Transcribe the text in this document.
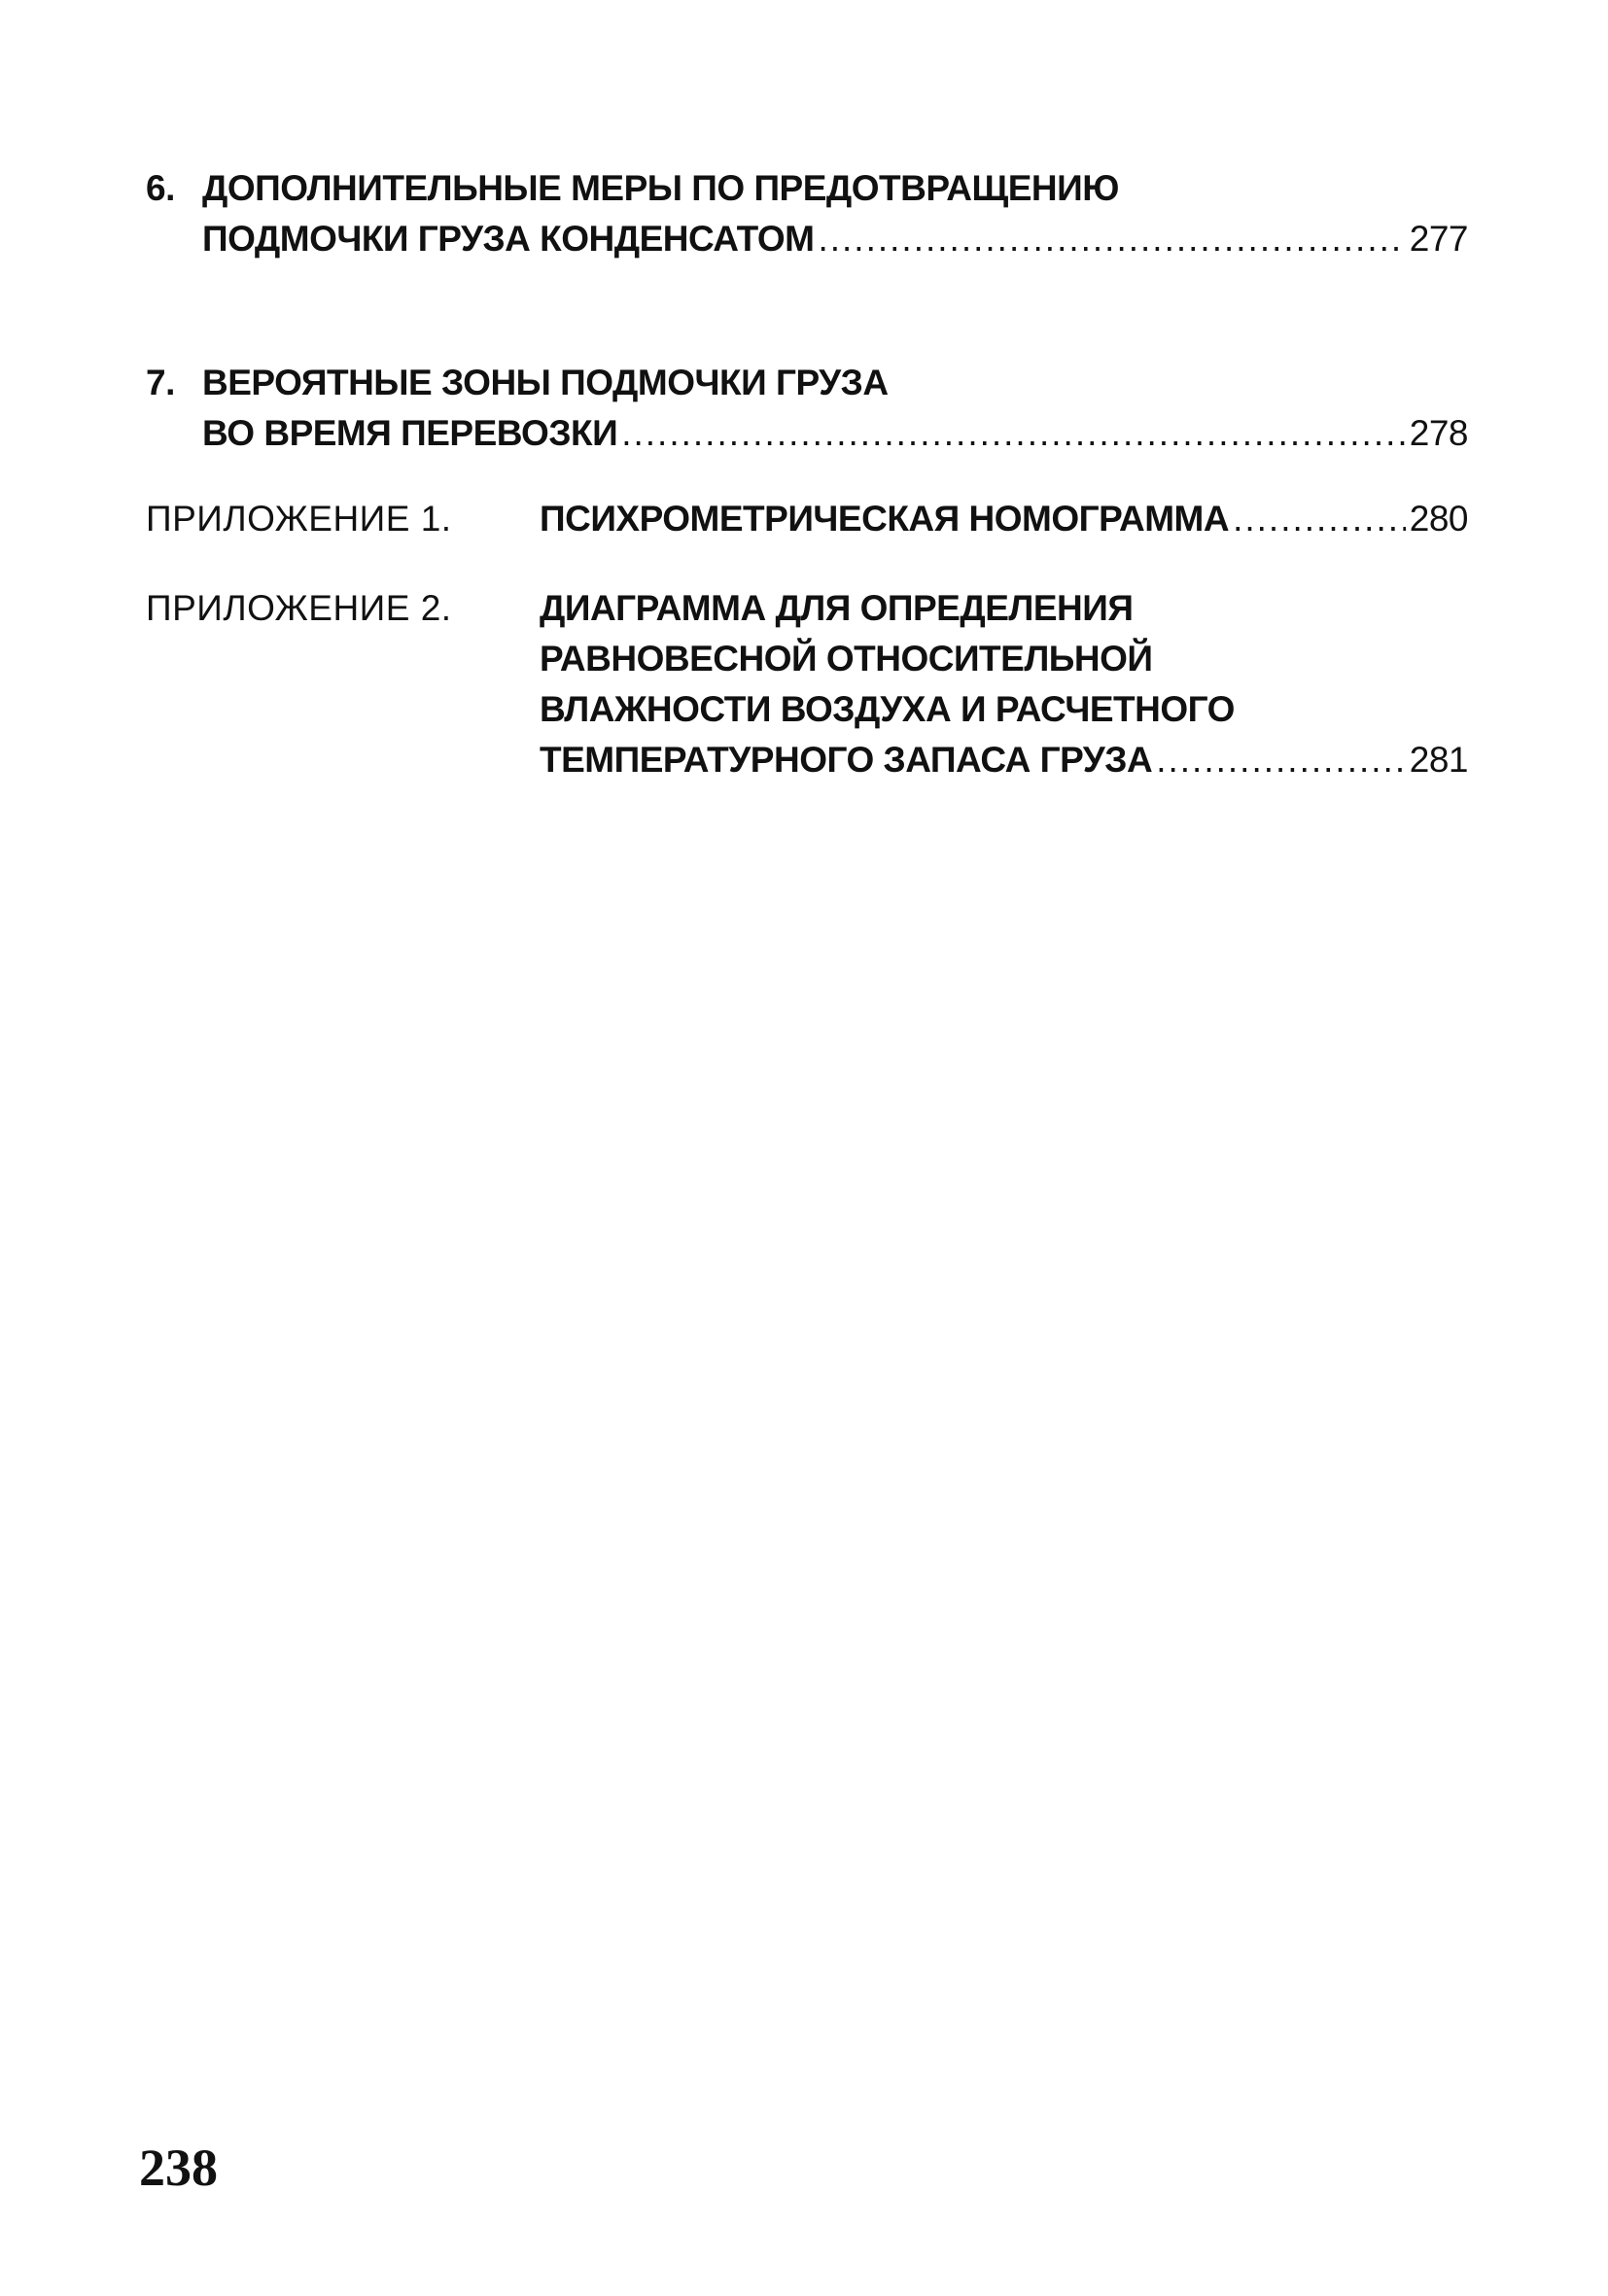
6. ДОПОЛНИТЕЛЬНЫЕ МЕРЫ ПО ПРЕДОТВРАЩЕНИЮ
ПОДМОЧКИ ГРУЗА КОНДЕНСАТОМ .....	277
7. ВЕРОЯТНЫЕ ЗОНЫ ПОДМОЧКИ ГРУЗА
ВО ВРЕМЯ ПЕРЕВОЗКИ .....	278
ПРИЛОЖЕНИЕ 1. ПСИХРОМЕТРИЧЕСКАЯ НОМОГРАММА .....	280
ПРИЛОЖЕНИЕ 2. ДИАГРАММА ДЛЯ ОПРЕДЕЛЕНИЯ
РАВНОВЕСНОЙ ОТНОСИТЕЛЬНОЙ
ВЛАЖНОСТИ ВОЗДУХА И РАСЧЕТНОГО
ТЕМПЕРАТУРНОГО ЗАПАСА ГРУЗА .....	281
238
